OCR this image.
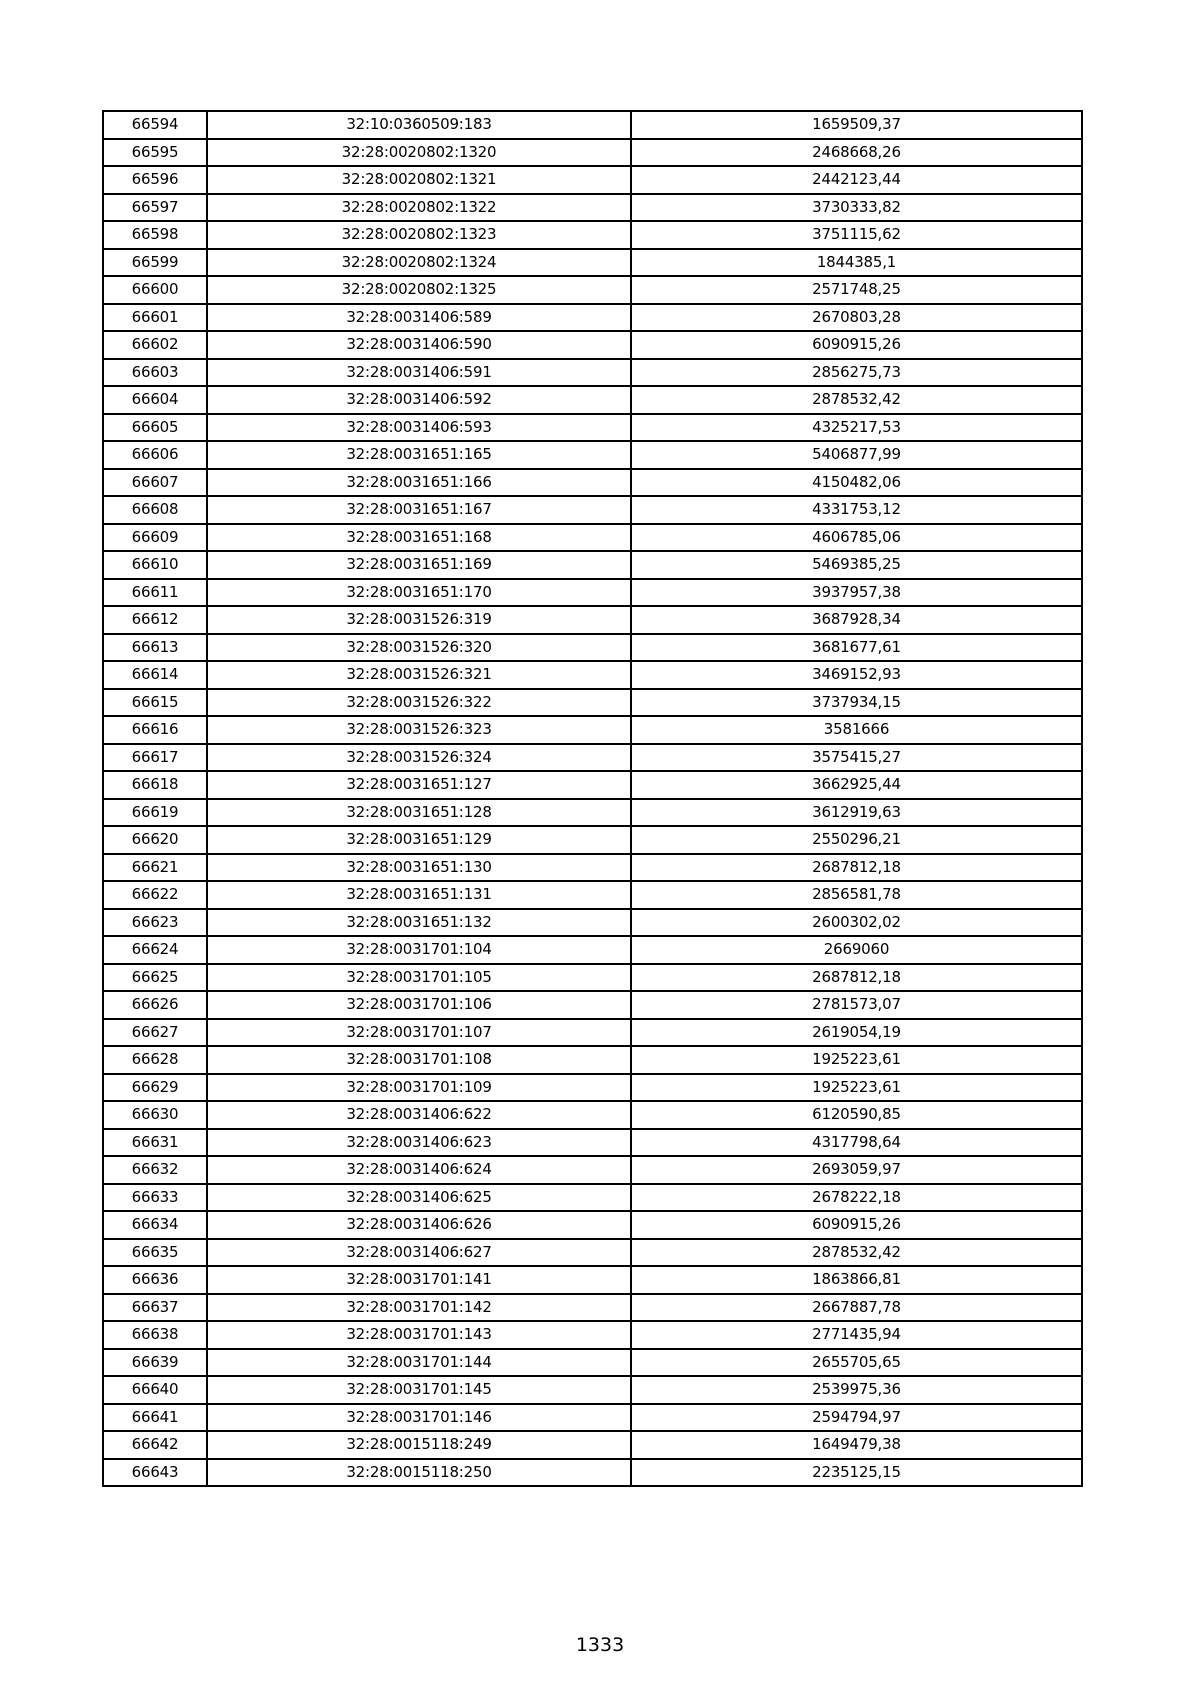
66594	32:10:0360509:183	1659509,37
66595	32:28:0020802:1320	2468668,26
66596	32:28:0020802:1321	2442123,44
66597	32:28:0020802:1322	3730333,82
66598	32:28:0020802:1323	3751115,62
66599	32:28:0020802:1324	1844385,1
66600	32:28:0020802:1325	2571748,25
66601	32:28:0031406:589	2670803,28
66602	32:28:0031406:590	6090915,26
66603	32:28:0031406:591	2856275,73
66604	32:28:0031406:592	2878532,42
66605	32:28:0031406:593	4325217,53
66606	32:28:0031651:165	5406877,99
66607	32:28:0031651:166	4150482,06
66608	32:28:0031651:167	4331753,12
66609	32:28:0031651:168	4606785,06
66610	32:28:0031651:169	5469385,25
66611	32:28:0031651:170	3937957,38
66612	32:28:0031526:319	3687928,34
66613	32:28:0031526:320	3681677,61
66614	32:28:0031526:321	3469152,93
66615	32:28:0031526:322	3737934,15
66616	32:28:0031526:323	3581666
66617	32:28:0031526:324	3575415,27
66618	32:28:0031651:127	3662925,44
66619	32:28:0031651:128	3612919,63
66620	32:28:0031651:129	2550296,21
66621	32:28:0031651:130	2687812,18
66622	32:28:0031651:131	2856581,78
66623	32:28:0031651:132	2600302,02
66624	32:28:0031701:104	2669060
66625	32:28:0031701:105	2687812,18
66626	32:28:0031701:106	2781573,07
66627	32:28:0031701:107	2619054,19
66628	32:28:0031701:108	1925223,61
66629	32:28:0031701:109	1925223,61
66630	32:28:0031406:622	6120590,85
66631	32:28:0031406:623	4317798,64
66632	32:28:0031406:624	2693059,97
66633	32:28:0031406:625	2678222,18
66634	32:28:0031406:626	6090915,26
66635	32:28:0031406:627	2878532,42
66636	32:28:0031701:141	1863866,81
66637	32:28:0031701:142	2667887,78
66638	32:28:0031701:143	2771435,94
66639	32:28:0031701:144	2655705,65
66640	32:28:0031701:145	2539975,36
66641	32:28:0031701:146	2594794,97
66642	32:28:0015118:249	1649479,38
66643	32:28:0015118:250	2235125,15
1333
